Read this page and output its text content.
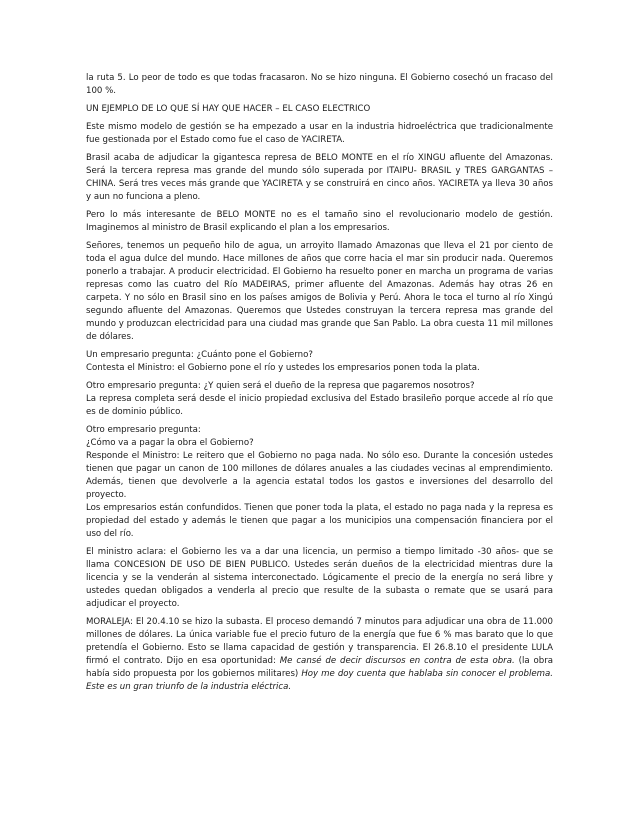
la ruta 5. Lo peor de todo es que todas fracasaron. No se hizo ninguna. El Gobierno cosechó un fracaso del 100 %.

UN EJEMPLO DE LO QUE SÍ HAY QUE HACER – EL CASO ELECTRICO

Este mismo modelo de gestión se ha empezado a usar en la industria hidroeléctrica que tradicionalmente fue gestionada por el Estado como fue el caso de YACIRETA.

Brasil acaba de adjudicar la gigantesca represa de BELO MONTE en el río XINGU afluente del Amazonas. Será la tercera represa mas grande del mundo sólo superada por ITAIPU- BRASIL y TRES GARGANTAS – CHINA. Será tres veces más grande que YACIRETA y se construirá en cinco años. YACIRETA ya lleva 30 años y aun no funciona a pleno.

Pero lo más interesante de BELO MONTE no es el tamaño sino el revolucionario modelo de gestión. Imaginemos al ministro de Brasil explicando el plan a los empresarios.

Señores, tenemos un pequeño hilo de agua, un arroyito llamado Amazonas que lleva el 21 por ciento de toda el agua dulce del mundo. Hace millones de años que corre hacia el mar sin producir nada. Queremos ponerlo a trabajar. A producir electricidad. El Gobierno ha resuelto poner en marcha un programa de varias represas como las cuatro del Río MADEIRAS, primer afluente del Amazonas. Además hay otras 26 en carpeta. Y no sólo en Brasil sino en los países amigos de Bolivia y Perú. Ahora le toca el turno al río Xingú segundo afluente del Amazonas. Queremos que Ustedes construyan la tercera represa mas grande del mundo y produzcan electricidad para una ciudad mas grande que San Pablo. La obra cuesta 11 mil millones de dólares.

Un empresario pregunta: ¿Cuánto pone el Gobierno?
Contesta el Ministro: el Gobierno pone el río y ustedes los empresarios ponen toda la plata.

Otro empresario pregunta: ¿Y quien será el dueño de la represa que pagaremos nosotros?
La represa completa será desde el inicio propiedad exclusiva del Estado brasileño porque accede al río que es de dominio público.

Otro empresario pregunta:
¿Cómo va a pagar la obra el Gobierno?
Responde el Ministro: Le reitero que el Gobierno no paga nada. No sólo eso. Durante la concesión ustedes tienen que pagar un canon de 100 millones de dólares anuales a las ciudades vecinas al emprendimiento. Además, tienen que devolverle a la agencia estatal todos los gastos e inversiones del desarrollo del proyecto.
Los empresarios están confundidos. Tienen que poner toda la plata, el estado no paga nada y la represa es propiedad del estado y además le tienen que pagar a los municipios una compensación financiera por el uso del río.

El ministro aclara: el Gobierno les va a dar una licencia, un permiso a tiempo limitado -30 años- que se llama CONCESION DE USO DE BIEN PUBLICO. Ustedes serán dueños de la electricidad mientras dure la licencia y se la venderán al sistema interconectado. Lógicamente el precio de la energía no será libre y ustedes quedan obligados a venderla al precio que resulte de la subasta o remate que se usará para adjudicar el proyecto.

MORALEJA: El 20.4.10 se hizo la subasta. El proceso demandó 7 minutos para adjudicar una obra de 11.000 millones de dólares. La única variable fue el precio futuro de la energía que fue 6 % mas barato que lo que pretendía el Gobierno. Esto se llama capacidad de gestión y transparencia. El 26.8.10 el presidente LULA firmó el contrato. Dijo en esa oportunidad: Me cansé de decir discursos en contra de esta obra. (la obra había sido propuesta por los gobiernos militares) Hoy me doy cuenta que hablaba sin conocer el problema. Este es un gran triunfo de la industria eléctrica.
